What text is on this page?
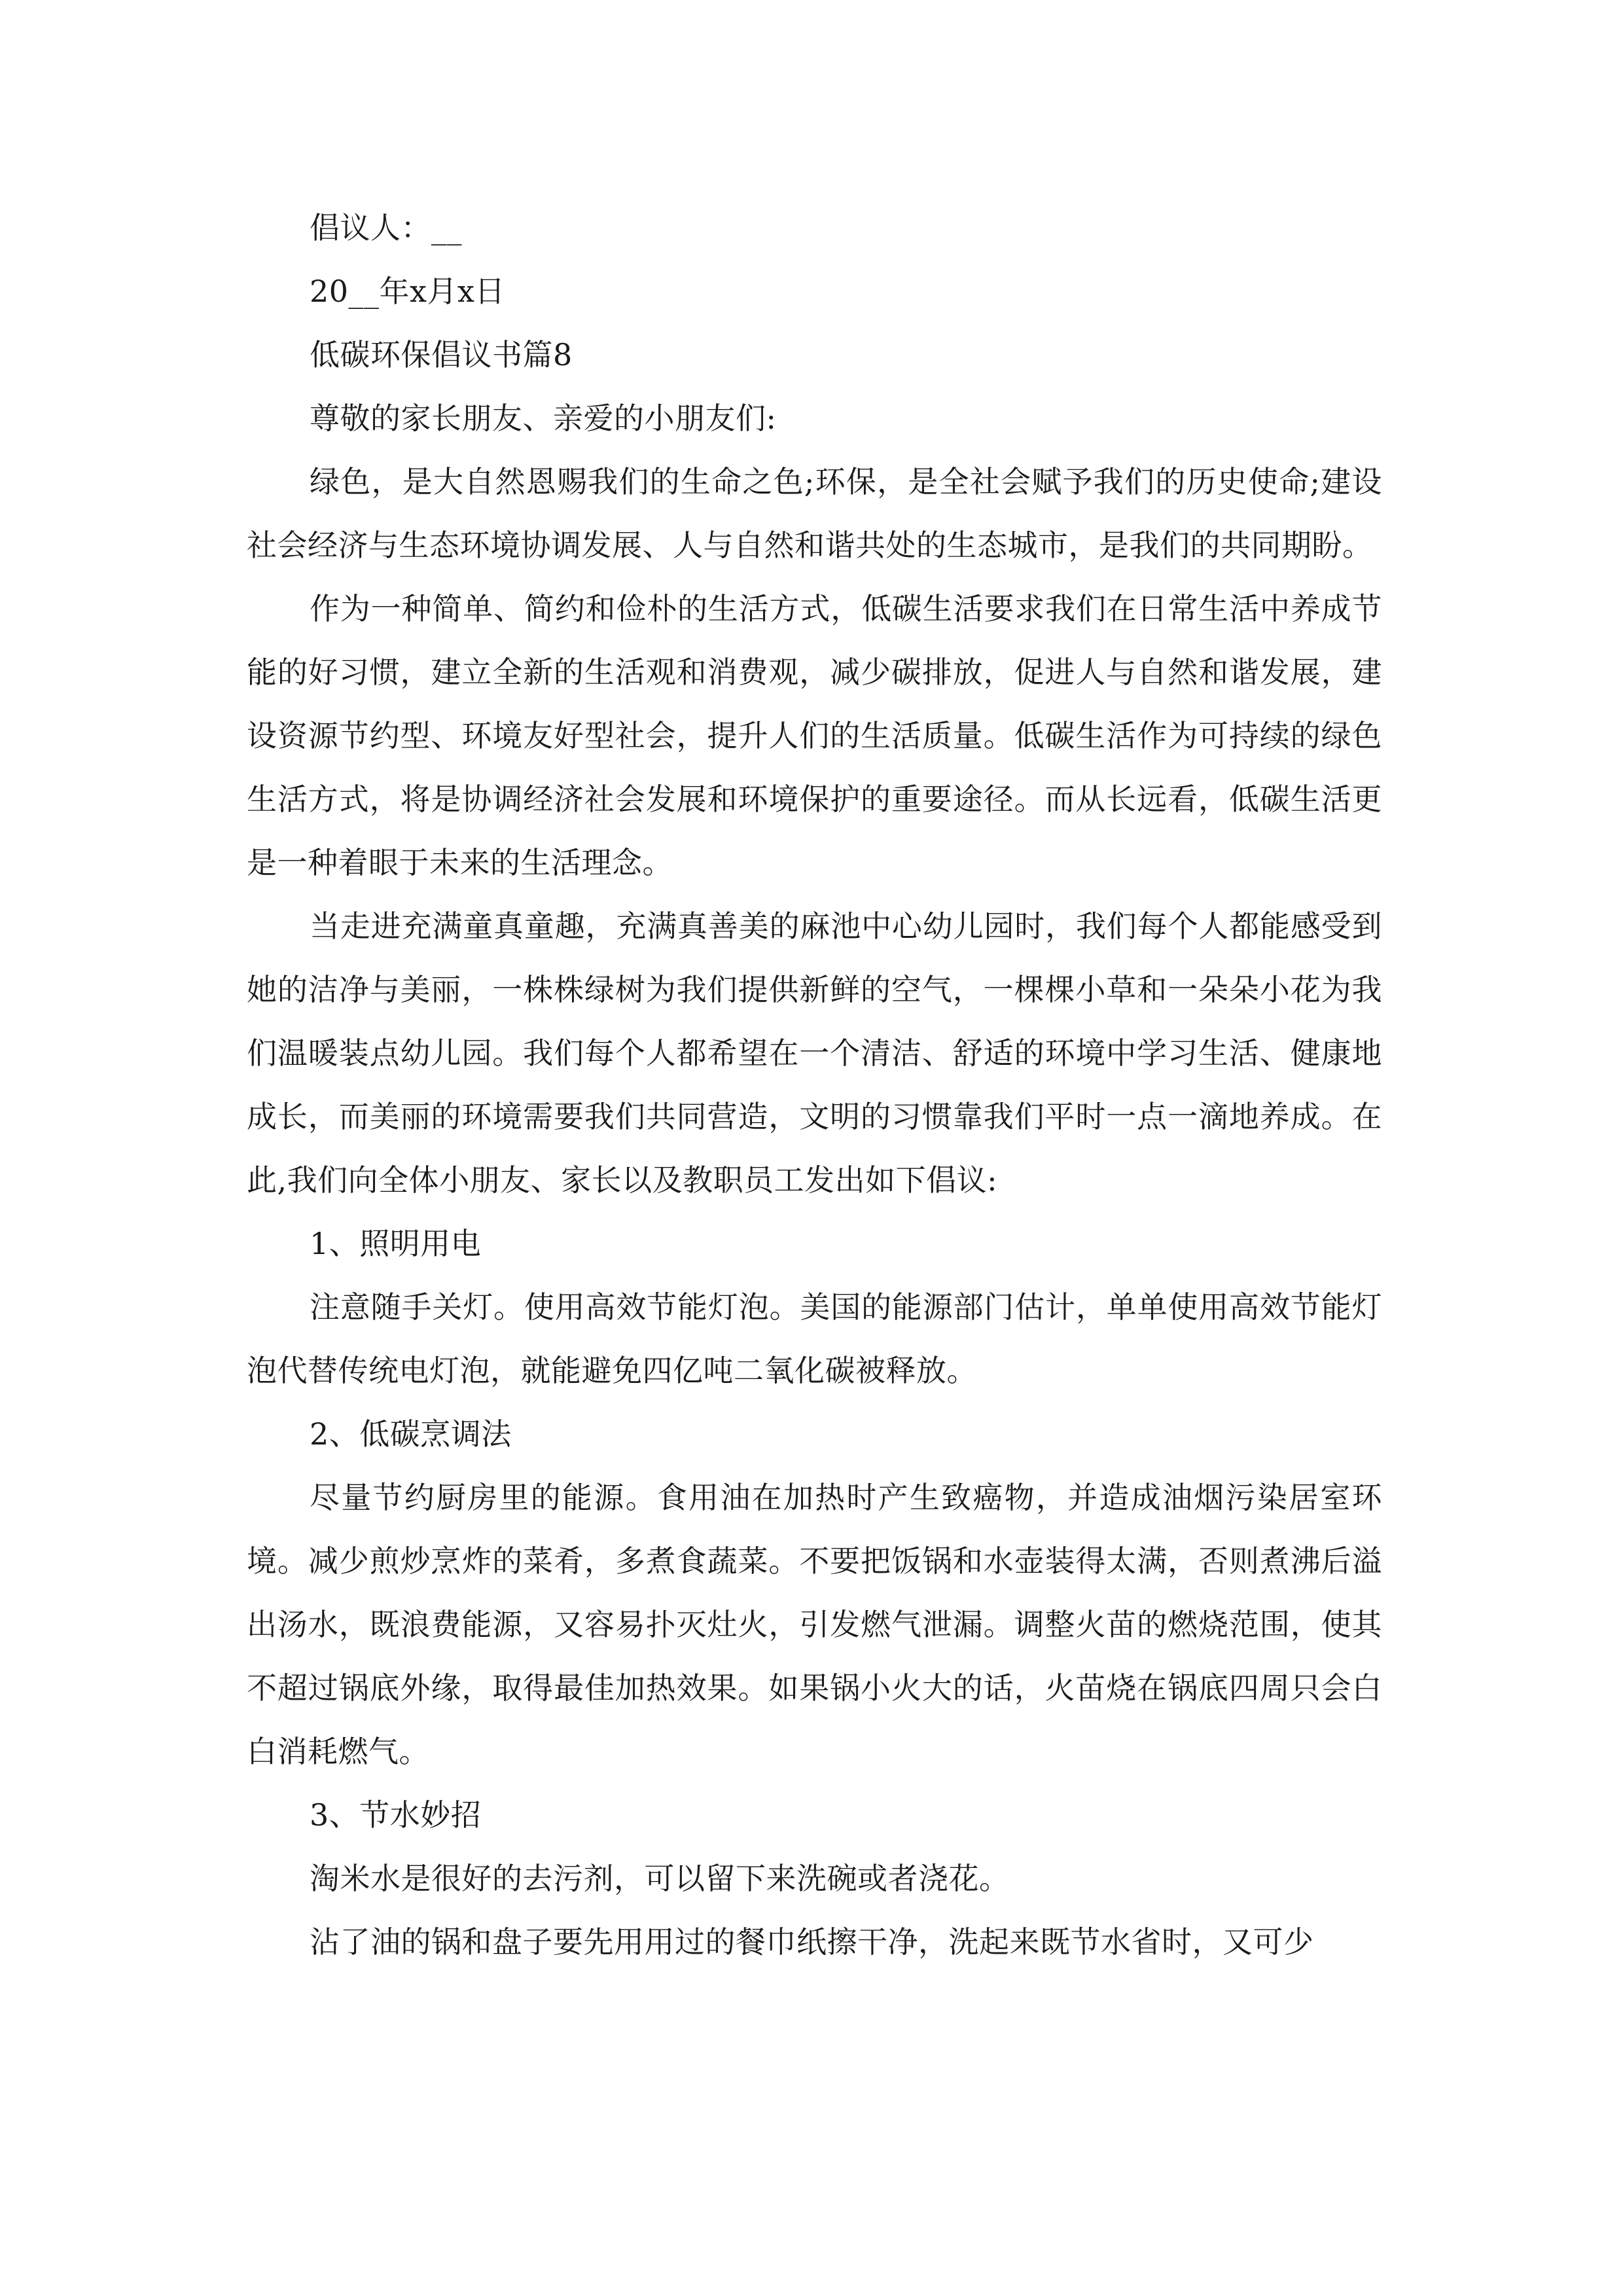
倡议人：__

20__年x月x日

低碳环保倡议书篇8

尊敬的家长朋友、亲爱的小朋友们:

绿色，是大自然恩赐我们的生命之色;环保，是全社会赋予我们的历史使命;建设社会经济与生态环境协调发展、人与自然和谐共处的生态城市，是我们的共同期盼。

作为一种简单、简约和俭朴的生活方式，低碳生活要求我们在日常生活中养成节能的好习惯，建立全新的生活观和消费观，减少碳排放，促进人与自然和谐发展，建设资源节约型、环境友好型社会，提升人们的生活质量。低碳生活作为可持续的绿色生活方式，将是协调经济社会发展和环境保护的重要途径。而从长远看，低碳生活更是一种着眼于未来的生活理念。

当走进充满童真童趣，充满真善美的麻池中心幼儿园时，我们每个人都能感受到她的洁净与美丽，一株株绿树为我们提供新鲜的空气，一棵棵小草和一朵朵小花为我们温暖装点幼儿园。我们每个人都希望在一个清洁、舒适的环境中学习生活、健康地成长，而美丽的环境需要我们共同营造，文明的习惯靠我们平时一点一滴地养成。在此,我们向全体小朋友、家长以及教职员工发出如下倡议:

1、照明用电

注意随手关灯。使用高效节能灯泡。美国的能源部门估计，单单使用高效节能灯泡代替传统电灯泡，就能避免四亿吨二氧化碳被释放。

2、低碳烹调法

尽量节约厨房里的能源。食用油在加热时产生致癌物，并造成油烟污染居室环境。减少煎炒烹炸的菜肴，多煮食蔬菜。不要把饭锅和水壶装得太满，否则煮沸后溢出汤水，既浪费能源，又容易扑灭灶火，引发燃气泄漏。调整火苗的燃烧范围，使其不超过锅底外缘，取得最佳加热效果。如果锅小火大的话，火苗烧在锅底四周只会白白消耗燃气。

3、节水妙招

淘米水是很好的去污剂，可以留下来洗碗或者浇花。

沾了油的锅和盘子要先用用过的餐巾纸擦干净，洗起来既节水省时，又可少
